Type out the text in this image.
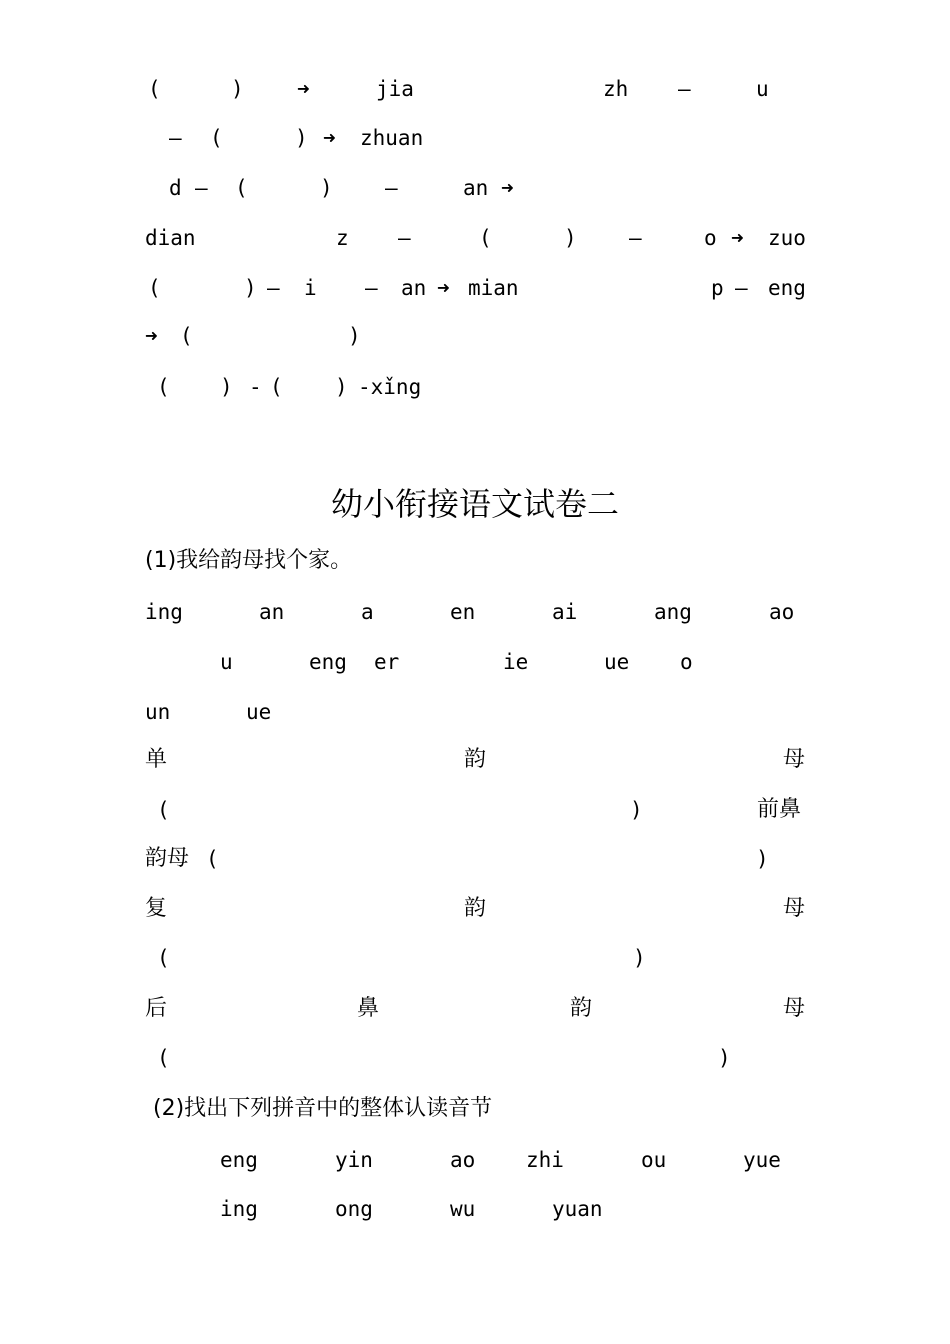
(	)	➜	jia	zh —	u
— (	) ➜ zhuan
d — (	) —	an ➜
dian	z —	(	) —	o ➜ zuo
(	) — i — an ➜ mian	p — eng
➜ (	)
( ) - ( ) -xǐng
幼小衔接语文试卷二
(1)我给韵母找个家。
ing	an	a	en	ai	ang	ao
u	eng er	ie	ue o
un	ue
单	韵	母
(	)	前鼻
韵母 (	)
复	韵	母
(	)
后	鼻	韵	母
(	)
(2)找出下列拼音中的整体认读音节
eng	yin	ao zhi	ou	yue
ing	ong	wu	yuan
